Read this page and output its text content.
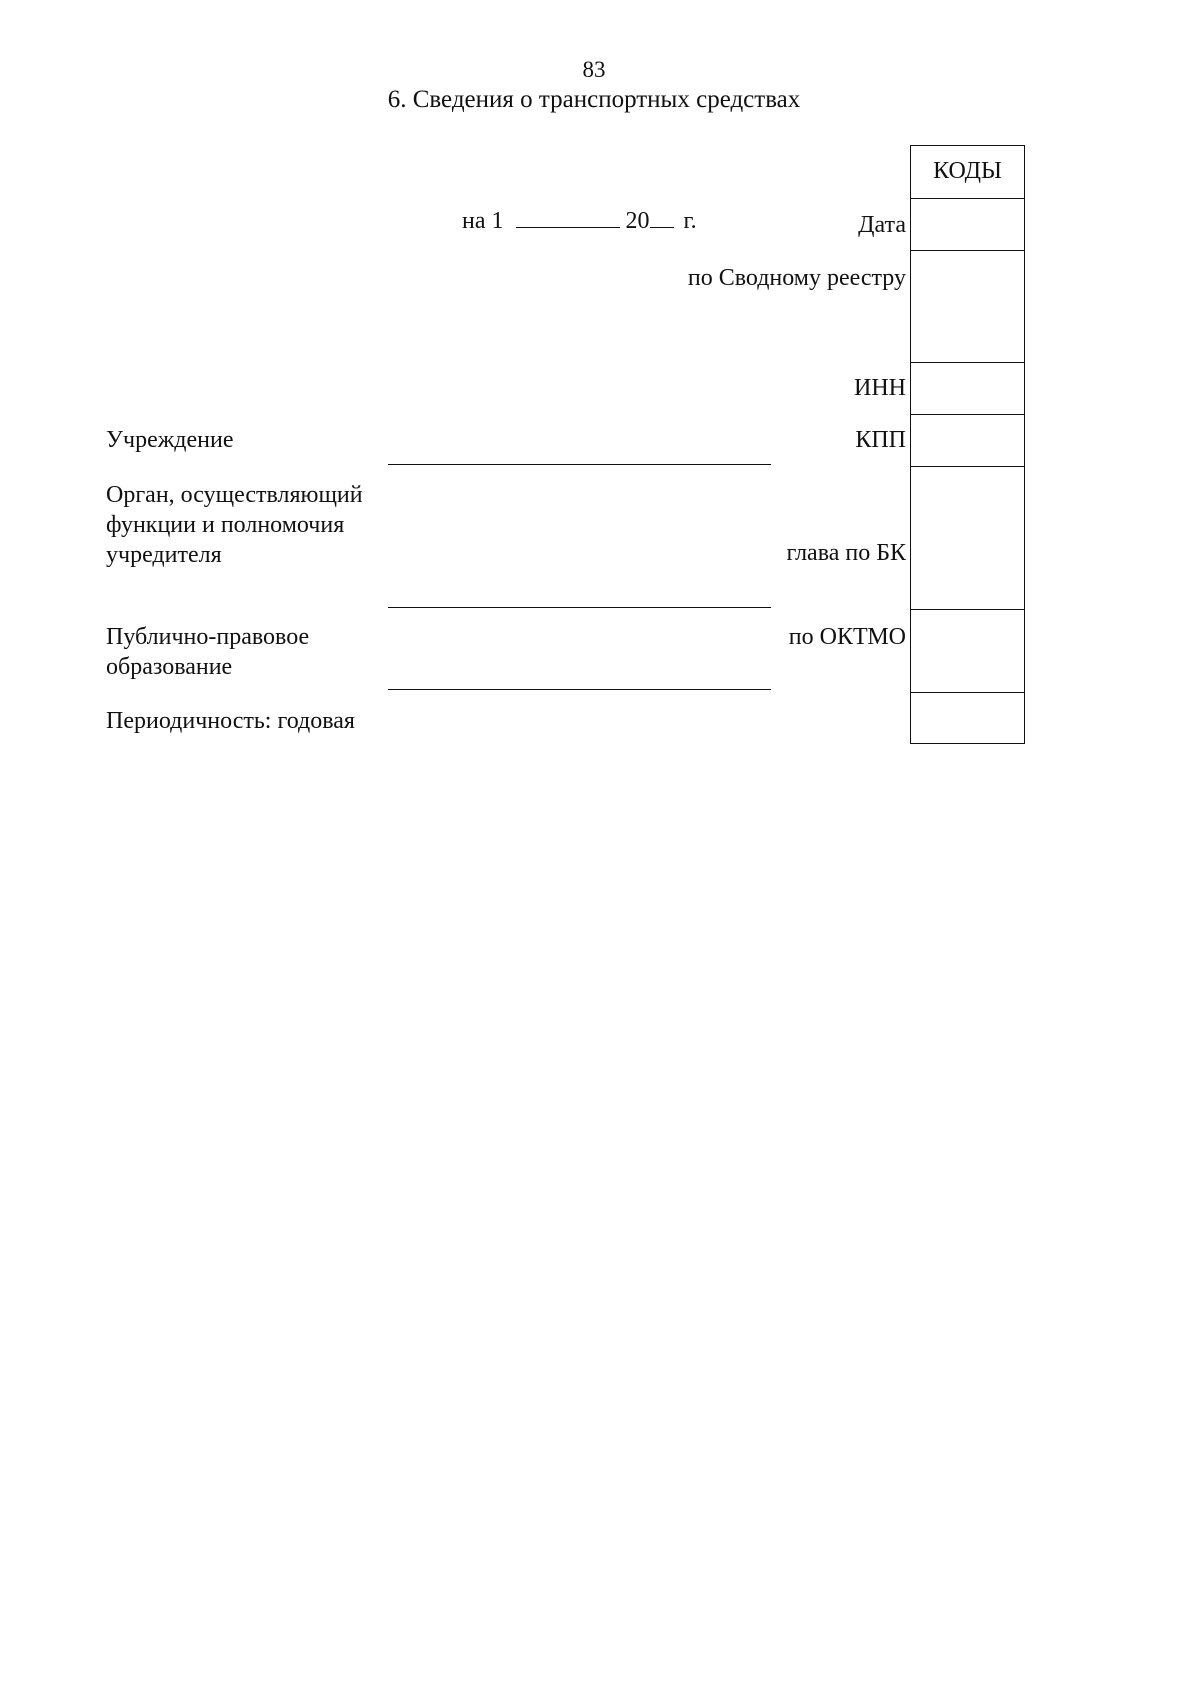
83
6. Сведения о транспортных средствах
на 1	20 г.
КОДЫ
Дата
по Сводному реестру
ИНН
КПП
глава по БК
по ОКТМО
Учреждение
Орган, осуществляющий функции и полномочия учредителя
Публично-правовое образование
Периодичность: годовая
